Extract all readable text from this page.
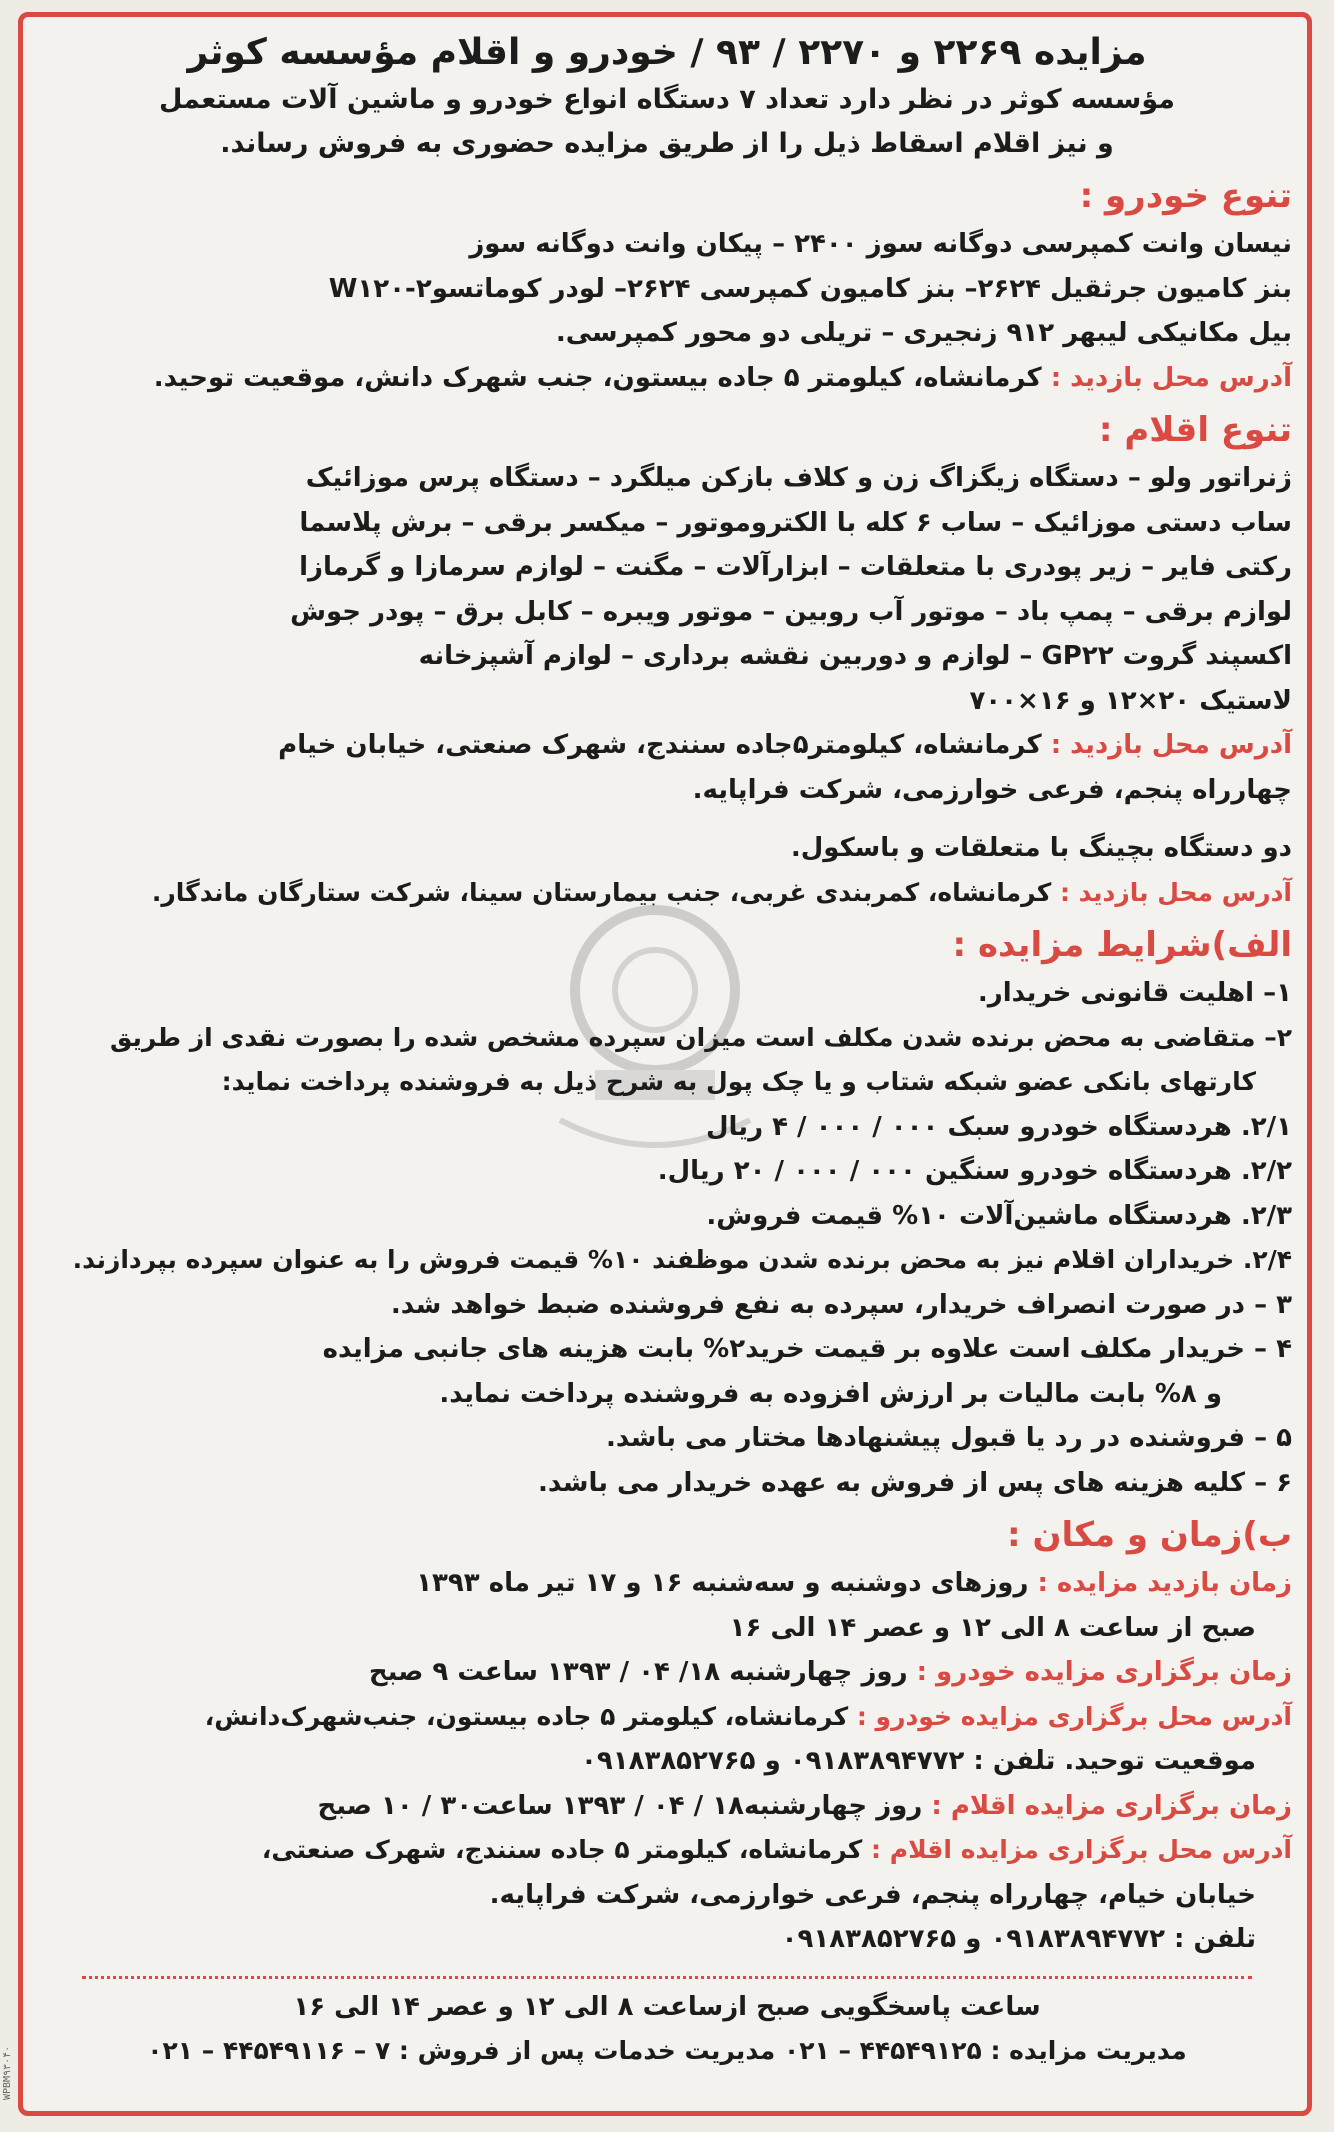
مزایده ۲۲۶۹ و ۲۲۷۰ / ۹۳ / خودرو و اقلام مؤسسه کوثر
مؤسسه کوثر در نظر دارد تعداد ۷ دستگاه انواع خودرو و ماشین آلات مستعمل
و نیز اقلام اسقاط ذیل را از طریق مزایده حضوری به فروش رساند.
تنوع خودرو :
نیسان وانت کمپرسی دوگانه سوز ۲۴۰۰ – پیکان وانت دوگانه سوز
بنز کامیون جرثقیل ۲۶۲۴– بنز کامیون کمپرسی ۲۶۲۴– لودر کوماتسو۲-W۱۲۰
بیل مکانیکی لیبهر ۹۱۲ زنجیری – تریلی دو محور کمپرسی.
آدرس محل بازدید : کرمانشاه، کیلومتر ۵ جاده بیستون، جنب شهرک دانش، موقعیت توحید.
تنوع اقلام :
ژنراتور ولو – دستگاه زیگزاگ زن و کلاف بازکن میلگرد – دستگاه پرس موزائیک
ساب دستی موزائیک – ساب ۶ کله با الکتروموتور – میکسر برقی – برش پلاسما
رکتی فایر – زیر پودری با متعلقات – ابزارآلات – مگنت – لوازم سرمازا و گرمازا
لوازم برقی – پمپ باد – موتور آب روبین – موتور ویبره – کابل برق – پودر جوش
اکسپند گروت GP۲۲ – لوازم و دوربین نقشه برداری – لوازم آشپزخانه
لاستیک ۲۰×۱۲ و ۱۶×۷۰۰
آدرس محل بازدید : کرمانشاه، کیلومتر۵جاده سنندج، شهرک صنعتی، خیابان خیام
چهارراه پنجم، فرعی خوارزمی، شرکت فراپایه.
دو دستگاه بچینگ با متعلقات و باسکول.
آدرس محل بازدید : کرمانشاه، کمربندی غربی، جنب بیمارستان سینا، شرکت ستارگان ماندگار.
الف)شرایط مزایده :
۱– اهلیت قانونی خریدار.
۲– متقاضی به محض برنده شدن مکلف است میزان سپرده مشخص شده را بصورت نقدی از طریق
کارتهای بانکی عضو شبکه شتاب و یا چک پول به شرح ذیل به فروشنده پرداخت نماید:
۲/۱. هردستگاه خودرو سبک ۰۰۰ / ۰۰۰ / ۴ ریال
۲/۲. هردستگاه خودرو سنگین ۰۰۰ / ۰۰۰ / ۲۰ ریال.
۲/۳. هردستگاه ماشین‌آلات ۱۰% قیمت فروش.
۲/۴. خریداران اقلام نیز به محض برنده شدن موظفند ۱۰% قیمت فروش را به عنوان سپرده بپردازند.
۳ – در صورت انصراف خریدار، سپرده به نفع فروشنده ضبط خواهد شد.
۴ – خریدار مکلف است علاوه بر قیمت خرید۲% بابت هزینه های جانبی مزایده
و ۸% بابت مالیات بر ارزش افزوده به فروشنده پرداخت نماید.
۵ – فروشنده در رد یا قبول پیشنهادها مختار می باشد.
۶ – کلیه هزینه های پس از فروش به عهده خریدار می باشد.
ب)زمان و مکان :
زمان بازدید مزایده : روزهای دوشنبه و سه‌شنبه ۱۶ و ۱۷ تیر ماه ۱۳۹۳
صبح از ساعت ۸ الی ۱۲ و عصر ۱۴ الی ۱۶
زمان برگزاری مزایده خودرو : روز چهارشنبه ۱۸/ ۰۴ / ۱۳۹۳ ساعت ۹ صبح
آدرس محل برگزاری مزایده خودرو : کرمانشاه، کیلومتر ۵ جاده بیستون، جنب‌شهرک‌دانش،
موقعیت توحید. تلفن : ۰۹۱۸۳۸۹۴۷۷۲ و ۰۹۱۸۳۸۵۲۷۶۵
زمان برگزاری مزایده اقلام : روز چهارشنبه۱۸ / ۰۴ / ۱۳۹۳ ساعت۳۰ / ۱۰ صبح
آدرس محل برگزاری مزایده اقلام : کرمانشاه، کیلومتر ۵ جاده سنندج، شهرک صنعتی،
خیابان خیام، چهارراه پنجم، فرعی خوارزمی، شرکت فراپایه.
تلفن : ۰۹۱۸۳۸۹۴۷۷۲ و ۰۹۱۸۳۸۵۲۷۶۵
ساعت پاسخگویی صبح ازساعت ۸ الی ۱۲ و عصر ۱۴ الی ۱۶
مدیریت مزایده : ۴۴۵۴۹۱۲۵ – ۰۲۱ مدیریت خدمات پس از فروش : ۷ – ۴۴۵۴۹۱۱۶ – ۰۲۱
WPBM۹۳۰۴۰
